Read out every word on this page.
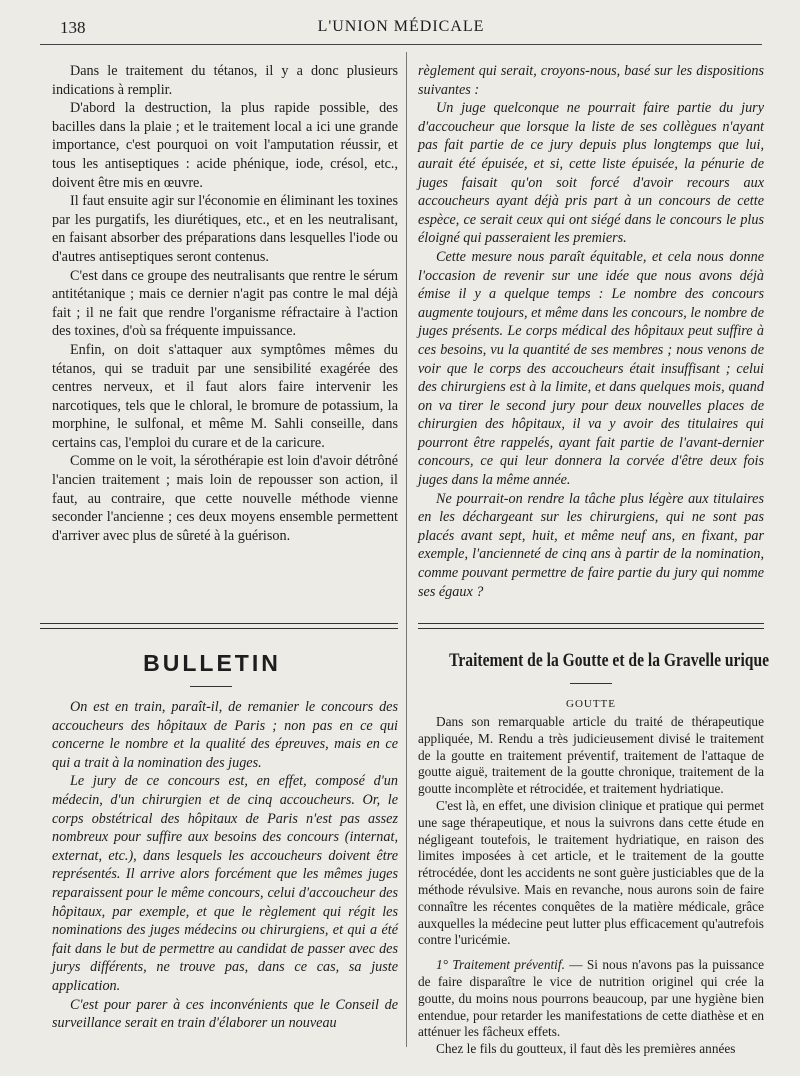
138	L'UNION MÉDICALE

Dans le traitement du tétanos, il y a donc plusieurs indications à remplir.

D'abord la destruction, la plus rapide possible, des bacilles dans la plaie ; et le traitement local a ici une grande importance, c'est pourquoi on voit l'amputation réussir, et tous les antiseptiques : acide phénique, iode, crésol, etc., doivent être mis en œuvre.

Il faut ensuite agir sur l'économie en éliminant les toxines par les purgatifs, les diurétiques, etc., et en les neutralisant, en faisant absorber des préparations dans lesquelles l'iode ou d'autres antiseptiques seront contenus.

C'est dans ce groupe des neutralisants que rentre le sérum antitétanique ; mais ce dernier n'agit pas contre le mal déjà fait ; il ne fait que rendre l'organisme réfractaire à l'action des toxines, d'où sa fréquente impuissance.

Enfin, on doit s'attaquer aux symptômes mêmes du tétanos, qui se traduit par une sensibilité exagérée des centres nerveux, et il faut alors faire intervenir les narcotiques, tels que le chloral, le bromure de potassium, la morphine, le sulfonal, et même M. Sahli conseille, dans certains cas, l'emploi du curare et de la caricure.

Comme on le voit, la sérothérapie est loin d'avoir détrôné l'ancien traitement ; mais loin de repousser son action, il faut, au contraire, que cette nouvelle méthode vienne seconder l'ancienne ; ces deux moyens ensemble permettent d'arriver avec plus de sûreté à la guérison.

règlement qui serait, croyons-nous, basé sur les dispositions suivantes :

Un juge quelconque ne pourrait faire partie du jury d'accoucheur que lorsque la liste de ses collègues n'ayant pas fait partie de ce jury depuis plus longtemps que lui, aurait été épuisée, et si, cette liste épuisée, la pénurie de juges faisait qu'on soit forcé d'avoir recours aux accoucheurs ayant déjà pris part à un concours de cette espèce, ce serait ceux qui ont siégé dans le concours le plus éloigné qui passeraient les premiers.

Cette mesure nous paraît équitable, et cela nous donne l'occasion de revenir sur une idée que nous avons déjà émise il y a quelque temps : Le nombre des concours augmente toujours, et même dans les concours, le nombre de juges présents. Le corps médical des hôpitaux peut suffire à ces besoins, vu la quantité de ses membres ; nous venons de voir que le corps des accoucheurs était insuffisant ; celui des chirurgiens est à la limite, et dans quelques mois, quand on va tirer le second jury pour deux nouvelles places de chirurgien des hôpitaux, il va y avoir des titulaires qui pourront être rappelés, ayant fait partie de l'avant-dernier concours, ce qui leur donnera la corvée d'être deux fois juges dans la même année.

Ne pourrait-on rendre la tâche plus légère aux titulaires en les déchargeant sur les chirurgiens, qui ne sont pas placés avant sept, huit, et même neuf ans, en fixant, par exemple, l'ancienneté de cinq ans à partir de la nomination, comme pouvant permettre de faire partie du jury qui nomme ses égaux ?

BULLETIN

On est en train, paraît-il, de remanier le concours des accoucheurs des hôpitaux de Paris ; non pas en ce qui concerne le nombre et la qualité des épreuves, mais en ce qui a trait à la nomination des juges.

Le jury de ce concours est, en effet, composé d'un médecin, d'un chirurgien et de cinq accoucheurs. Or, le corps obstétrical des hôpitaux de Paris n'est pas assez nombreux pour suffire aux besoins des concours (internat, externat, etc.), dans lesquels les accoucheurs doivent être représentés. Il arrive alors forcément que les mêmes juges reparaissent pour le même concours, celui d'accoucheur des hôpitaux, par exemple, et que le règlement qui régit les nominations des juges médecins ou chirurgiens, et qui a été fait dans le but de permettre au candidat de passer avec des jurys différents, ne trouve pas, dans ce cas, sa juste application.

C'est pour parer à ces inconvénients que le Conseil de surveillance serait en train d'élaborer un nouveau

Traitement de la Goutte et de la Gravelle urique
GOUTTE

Dans son remarquable article du traité de thérapeutique appliquée, M. Rendu a très judicieusement divisé le traitement de la goutte en traitement préventif, traitement de l'attaque de goutte aiguë, traitement de la goutte chronique, traitement de la goutte incomplète et rétrocidée, et traitement hydriatique.

C'est là, en effet, une division clinique et pratique qui permet une sage thérapeutique, et nous la suivrons dans cette étude en négligeant toutefois, le traitement hydriatique, en raison des limites imposées à cet article, et le traitement de la goutte rétrocédée, dont les accidents ne sont guère justiciables que de la méthode révulsive. Mais en revanche, nous aurons soin de faire connaître les récentes conquêtes de la matière médicale, grâce auxquelles la médecine peut lutter plus efficacement qu'autrefois contre l'uricémie.

1° Traitement préventif. — Si nous n'avons pas la puissance de faire disparaître le vice de nutrition originel qui crée la goutte, du moins nous pourrons beaucoup, par une hygiène bien entendue, pour retarder les manifestations de cette diathèse et en atténuer les fâcheux effets.

Chez le fils du goutteux, il faut dès les premières années
